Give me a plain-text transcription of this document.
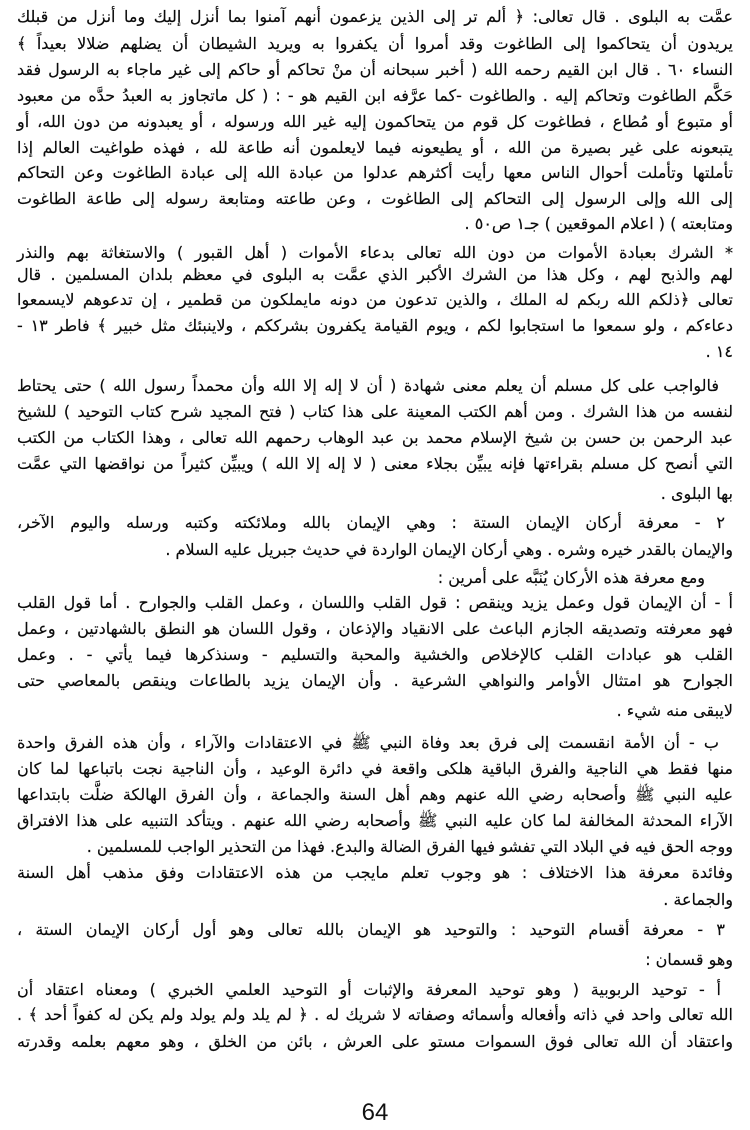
عمَّت به البلوى . قال تعالى: ﴿ ألم تر إلى الذين يزعمون أنهم آمنوا بما أنزل إليك وما أنزل من قبلك
يريدون أن يتحاكموا إلى الطاغوت وقد أمروا أن يكفروا به ويريد الشيطان أن يضلهم ضلالا بعيداً ﴾
النساء ٦٠ . قال ابن القيم رحمه الله ( أخبر سبحانه أن منْ تحاكم أو حاكم إلى غير ماجاء به الرسول فقد
حَكَّم الطاغوت وتحاكم إليه . والطاغوت -كما عرَّفه ابن القيم هو - : ( كل ماتجاوز به العبدُ حدَّه من معبود
أو متبوع أو مُطاع ، فطاغوت كل قوم من يتحاكمون إليه غير الله ورسوله ، أو يعبدونه من دون الله، أو
يتبعونه على غير بصيرة من الله ، أو يطيعونه فيما لايعلمون أنه طاعة لله ، فهذه طواغيت العالم إذا
تأملتها وتأملت أحوال الناس معها رأيت أكثرهم عدلوا من عبادة الله إلى عبادة الطاغوت وعن التحاكم
إلى الله وإلى الرسول إلى التحاكم إلى الطاغوت ، وعن طاعته ومتابعة رسوله إلى طاعة الطاغوت
ومتابعته ) ( اعلام الموقعين ) جـ١ ص٥٠ .
* الشرك بعبادة الأموات من دون الله تعالى بدعاء الأموات ( أهل القبور ) والاستغاثة بهم والنذر
لهم والذبح لهم ، وكل هذا من الشرك الأكبر الذي عمَّت به البلوى في معظم بلدان المسلمين . قال
تعالى ﴿ذلكم الله ربكم له الملك ، والذين تدعون من دونه مايملكون من قطمير ، إن تدعوهم لايسمعوا
دعاءكم ، ولو سمعوا ما استجابوا لكم ، ويوم القيامة يكفرون بشرككم ، ولاينبئك مثل خبير ﴾ فاطر ١٣ -
١٤ .
فالواجب على كل مسلم أن يعلم معنى شهادة ( أن لا إله إلا الله وأن محمداً رسول الله ) حتى يحتاط
لنفسه من هذا الشرك . ومن أهم الكتب المعينة على هذا كتاب ( فتح المجيد شرح كتاب التوحيد ) للشيخ
عبد الرحمن بن حسن بن شيخ الإسلام محمد بن عبد الوهاب رحمهم الله تعالى ، وهذا الكتاب من الكتب
التي أنصح كل مسلم بقراءتها فإنه يبيِّن بجلاء معنى ( لا إله إلا الله ) ويبيِّن كثيراً من نواقضها التي عمَّت
بها البلوى .
٢ - معرفة أركان الإيمان الستة : وهي الإيمان بالله وملائكته وكتبه ورسله واليوم الآخر،
والإيمان بالقدر خيره وشره . وهي أركان الإيمان الواردة في حديث جبريل عليه السلام .
ومع معرفة هذه الأركان يُنَبَّه على أمرين :
أ - أن الإيمان قول وعمل يزيد وينقص : قول القلب واللسان ، وعمل القلب والجوارح . أما قول القلب
فهو معرفته وتصديقه الجازم الباعث على الانقياد والإذعان ، وقول اللسان هو النطق بالشهادتين ، وعمل
القلب هو عبادات القلب كالإخلاص والخشية والمحبة والتسليم - وسنذكرها فيما يأتي - . وعمل
الجوارح هو امتثال الأوامر والنواهي الشرعية . وأن الإيمان يزيد بالطاعات وينقص بالمعاصي حتى
لايبقى منه شيء .
ب - أن الأمة انقسمت إلى فرق بعد وفاة النبي ﷺ في الاعتقادات والآراء ، وأن هذه الفرق واحدة
منها فقط هي الناجية والفرق الباقية هلكى واقعة في دائرة الوعيد ، وأن الناجية نجت باتباعها لما كان
عليه النبي ﷺ وأصحابه رضي الله عنهم وهم أهل السنة والجماعة ، وأن الفرق الهالكة ضلَّت بابتداعها
الآراء المحدثة المخالفة لما كان عليه النبي ﷺ وأصحابه رضي الله عنهم . ويتأكد التنبيه على هذا الافتراق
ووجه الحق فيه في البلاد التي تفشو فيها الفرق الضالة والبدع. فهذا من التحذير الواجب للمسلمين .
وفائدة معرفة هذا الاختلاف : هو وجوب تعلم مايجب من هذه الاعتقادات وفق مذهب أهل السنة
والجماعة .
٣ - معرفة أقسام التوحيد : والتوحيد هو الإيمان بالله تعالى وهو أول أركان الإيمان الستة ،
وهو قسمان :
أ - توحيد الربوبية ( وهو توحيد المعرفة والإثبات أو التوحيد العلمي الخبري ) ومعناه اعتقاد أن
الله تعالى واحد في ذاته وأفعاله وأسمائه وصفاته لا شريك له . ﴿ لم يلد ولم يولد ولم يكن له كفواً أحد ﴾ .
واعتقاد أن الله تعالى فوق السموات مستو على العرش ، بائن من الخلق ، وهو معهم بعلمه وقدرته
64
